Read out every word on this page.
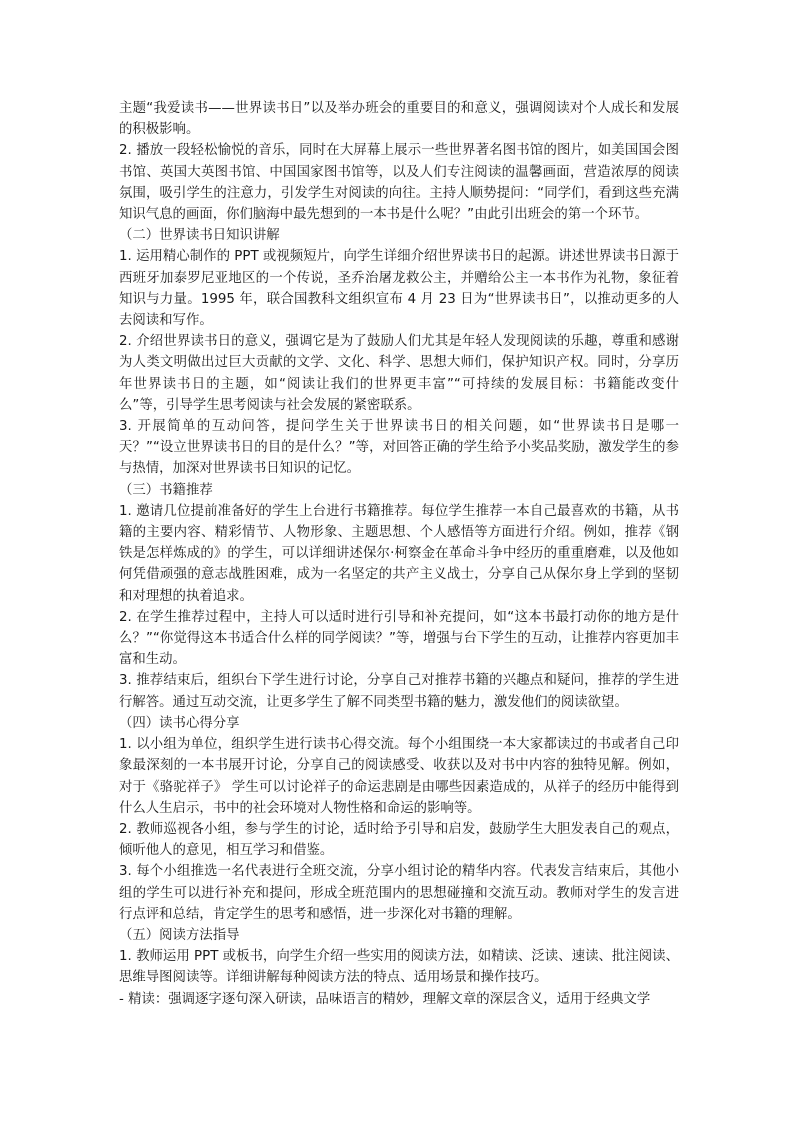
主题“我爱读书——世界读书日”以及举办班会的重要目的和意义，强调阅读对个人成长和发展的积极影响。

2. 播放一段轻松愉悦的音乐，同时在大屏幕上展示一些世界著名图书馆的图片，如美国国会图书馆、英国大英图书馆、中国国家图书馆等，以及人们专注阅读的温馨画面，营造浓厚的阅读氛围，吸引学生的注意力，引发学生对阅读的向往。主持人顺势提问：“同学们，看到这些充满知识气息的画面，你们脑海中最先想到的一本书是什么呢？”由此引出班会的第一个环节。

（二）世界读书日知识讲解

1. 运用精心制作的 PPT 或视频短片，向学生详细介绍世界读书日的起源。讲述世界读书日源于西班牙加泰罗尼亚地区的一个传说，圣乔治屠龙救公主，并赠给公主一本书作为礼物，象征着知识与力量。1995 年，联合国教科文组织宣布 4 月 23 日为“世界读书日”，以推动更多的人去阅读和写作。

2. 介绍世界读书日的意义，强调它是为了鼓励人们尤其是年轻人发现阅读的乐趣，尊重和感谢为人类文明做出过巨大贡献的文学、文化、科学、思想大师们，保护知识产权。同时，分享历年世界读书日的主题，如“阅读让我们的世界更丰富”“可持续的发展目标：书籍能改变什么”等，引导学生思考阅读与社会发展的紧密联系。

3. 开展简单的互动问答，提问学生关于世界读书日的相关问题，如“世界读书日是哪一天？”“设立世界读书日的目的是什么？”等，对回答正确的学生给予小奖品奖励，激发学生的参与热情，加深对世界读书日知识的记忆。

（三）书籍推荐

1. 邀请几位提前准备好的学生上台进行书籍推荐。每位学生推荐一本自己最喜欢的书籍，从书籍的主要内容、精彩情节、人物形象、主题思想、个人感悟等方面进行介绍。例如，推荐《钢铁是怎样炼成的》的学生，可以详细讲述保尔·柯察金在革命斗争中经历的重重磨难，以及他如何凭借顽强的意志战胜困难，成为一名坚定的共产主义战士，分享自己从保尔身上学到的坚韧和对理想的执着追求。

2. 在学生推荐过程中，主持人可以适时进行引导和补充提问，如“这本书最打动你的地方是什么？”“你觉得这本书适合什么样的同学阅读？”等，增强与台下学生的互动，让推荐内容更加丰富和生动。

3. 推荐结束后，组织台下学生进行讨论，分享自己对推荐书籍的兴趣点和疑问，推荐的学生进行解答。通过互动交流，让更多学生了解不同类型书籍的魅力，激发他们的阅读欲望。

（四）读书心得分享

1. 以小组为单位，组织学生进行读书心得交流。每个小组围绕一本大家都读过的书或者自己印象最深刻的一本书展开讨论，分享自己的阅读感受、收获以及对书中内容的独特见解。例如，对于《骆驼祥子》 学生可以讨论祥子的命运悲剧是由哪些因素造成的，从祥子的经历中能得到什么人生启示，书中的社会环境对人物性格和命运的影响等。

2. 教师巡视各小组，参与学生的讨论，适时给予引导和启发，鼓励学生大胆发表自己的观点，倾听他人的意见，相互学习和借鉴。

3. 每个小组推选一名代表进行全班交流，分享小组讨论的精华内容。代表发言结束后，其他小组的学生可以进行补充和提问，形成全班范围内的思想碰撞和交流互动。教师对学生的发言进行点评和总结，肯定学生的思考和感悟，进一步深化对书籍的理解。

（五）阅读方法指导

1. 教师运用 PPT 或板书，向学生介绍一些实用的阅读方法，如精读、泛读、速读、批注阅读、思维导图阅读等。详细讲解每种阅读方法的特点、适用场景和操作技巧。

- 精读：强调逐字逐句深入研读，品味语言的精妙，理解文章的深层含义，适用于经典文学
